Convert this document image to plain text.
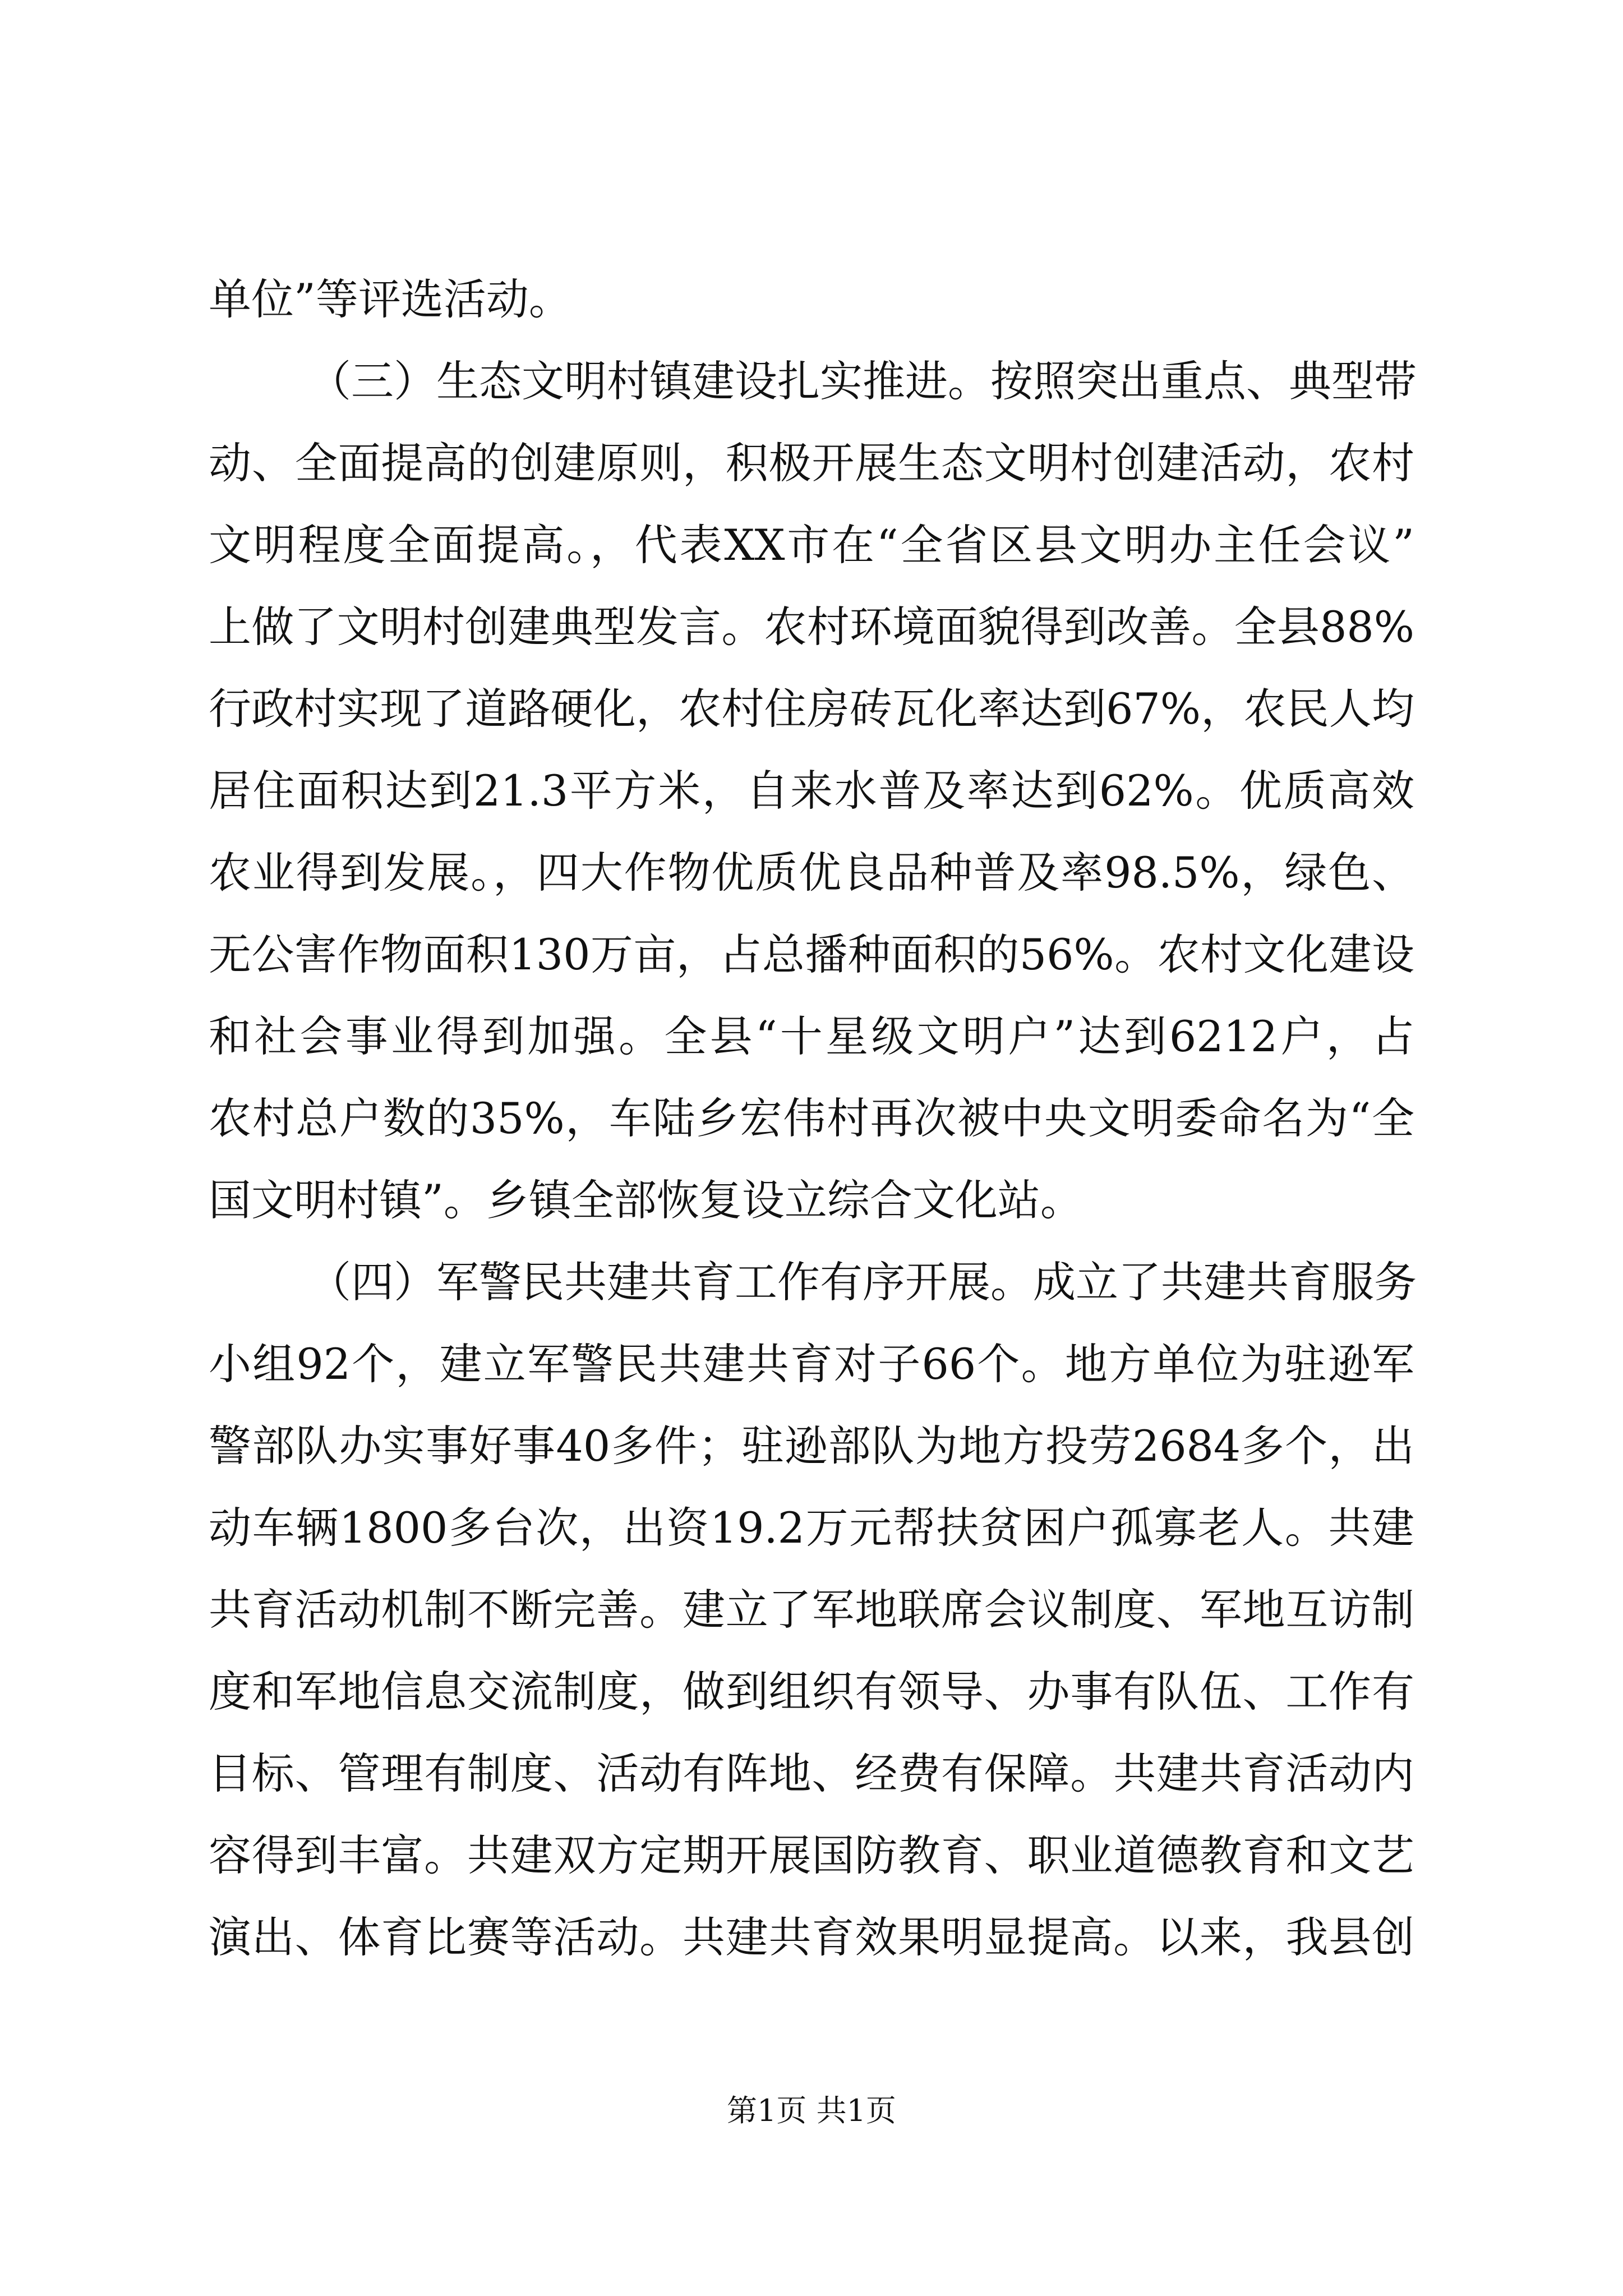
单位”等评选活动。

（三）生态文明村镇建设扎实推进。按照突出重点、典型带

动、全面提高的创建原则，积极开展生态文明村创建活动，农村

文明程度全面提高。，代表XX市在“全省区县文明办主任会议”

上做了文明村创建典型发言。农村环境面貌得到改善。全县88%

行政村实现了道路硬化，农村住房砖瓦化率达到67%，农民人均

居住面积达到21.3平方米，自来水普及率达到62%。优质高效

农业得到发展。，四大作物优质优良品种普及率98.5%，绿色、

无公害作物面积130万亩，占总播种面积的56%。农村文化建设

和社会事业得到加强。全县“十星级文明户”达到6212户，占

农村总户数的35%，车陆乡宏伟村再次被中央文明委命名为“全

国文明村镇”。乡镇全部恢复设立综合文化站。

（四）军警民共建共育工作有序开展。成立了共建共育服务

小组92个，建立军警民共建共育对子66个。地方单位为驻逊军

警部队办实事好事40多件；驻逊部队为地方投劳2684多个，出

动车辆1800多台次，出资19.2万元帮扶贫困户孤寡老人。共建

共育活动机制不断完善。建立了军地联席会议制度、军地互访制

度和军地信息交流制度，做到组织有领导、办事有队伍、工作有

目标、管理有制度、活动有阵地、经费有保障。共建共育活动内

容得到丰富。共建双方定期开展国防教育、职业道德教育和文艺

演出、体育比赛等活动。共建共育效果明显提高。以来，我县创

第1页 共1页
